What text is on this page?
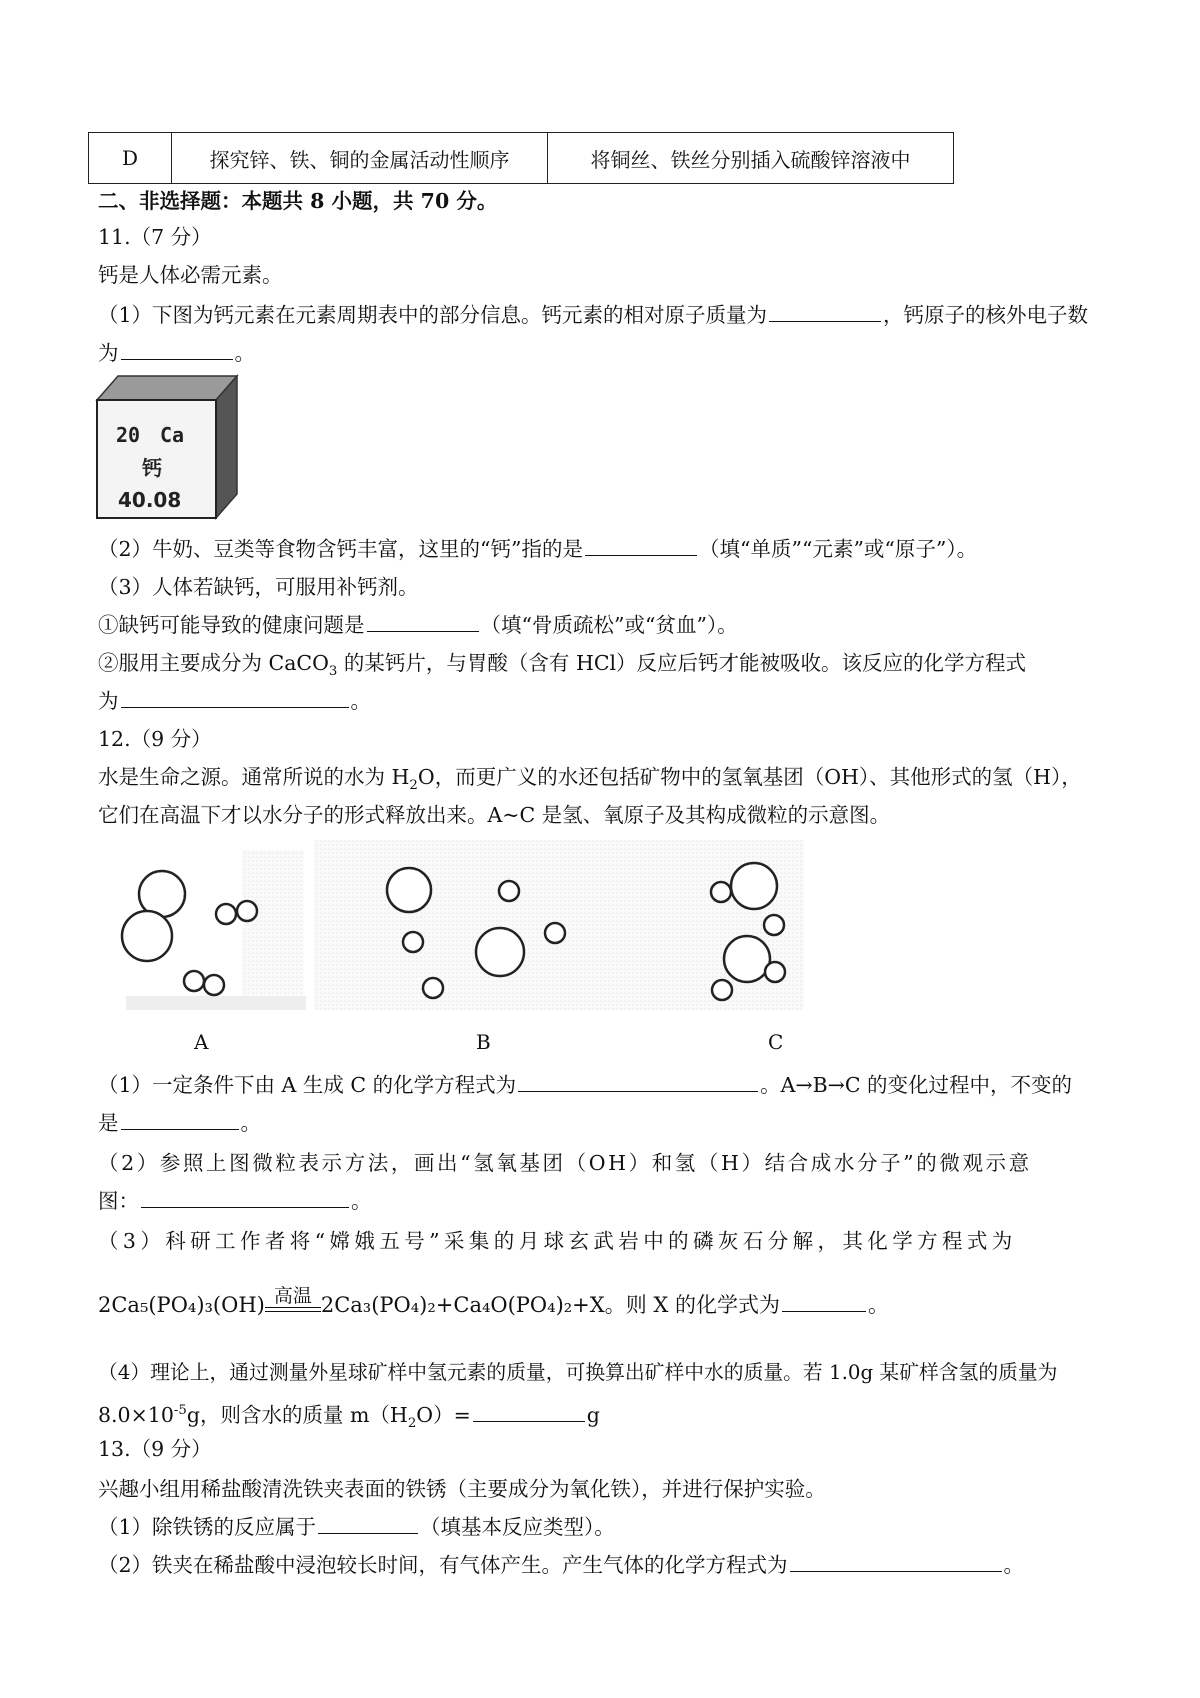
D	探究锌、铁、铜的金属活动性顺序	将铜丝、铁丝分别插入硫酸锌溶液中
二、非选择题：本题共 8 小题，共 70 分。
11.（7 分）
钙是人体必需元素。
（1）下图为钙元素在元素周期表中的部分信息。钙元素的相对原子质量为	，钙原子的核外电子数
为	。
20 Ca
钙
40.08
（2）牛奶、豆类等食物含钙丰富，这里的“钙”指的是	（填“单质”“元素”或“原子”）。
（3）人体若缺钙，可服用补钙剂。
①缺钙可能导致的健康问题是	（填“骨质疏松”或“贫血”）。
②服用主要成分为 CaCO$_3$ 的某钙片，与胃酸（含有 HCl）反应后钙才能被吸收。该反应的化学方程式
为	。
12.（9 分）
水是生命之源。通常所说的水为 $H_2O$，而更广义的水还包括矿物中的氢氧基团（OH）、其他形式的氢（H），
它们在高温下才以水分子的形式释放出来。A~C 是氢、氧原子及其构成微粒的示意图。
A	B	C
（1）一定条件下由 A 生成 C 的化学方程式为	。A→B→C 的变化过程中，不变的
是	。
（2）参照上图微粒表示方法，画出“氢氧基团（OH）和氢（H）结合成水分子”的微观示意
图：	。
（3）科研工作者将“嫦娥五号”采集的月球玄武岩中的磷灰石分解，其化学方程式为
2Ca₅(PO₄)₃(OH) 高温 2Ca₃(PO₄)₂+Ca₄O(PO₄)₂+X。则 X 的化学式为	。
（4）理论上，通过测量外星球矿样中氢元素的质量，可换算出矿样中水的质量。若 1.0g 某矿样含氢的质量为
$8.0\times 10^{-5}g$，则含水的质量 $m(H_2O)=$	g
13.（9 分）
兴趣小组用稀盐酸清洗铁夹表面的铁锈（主要成分为氧化铁），并进行保护实验。
（1）除铁锈的反应属于	（填基本反应类型）。
（2）铁夹在稀盐酸中浸泡较长时间，有气体产生。产生气体的化学方程式为	。
